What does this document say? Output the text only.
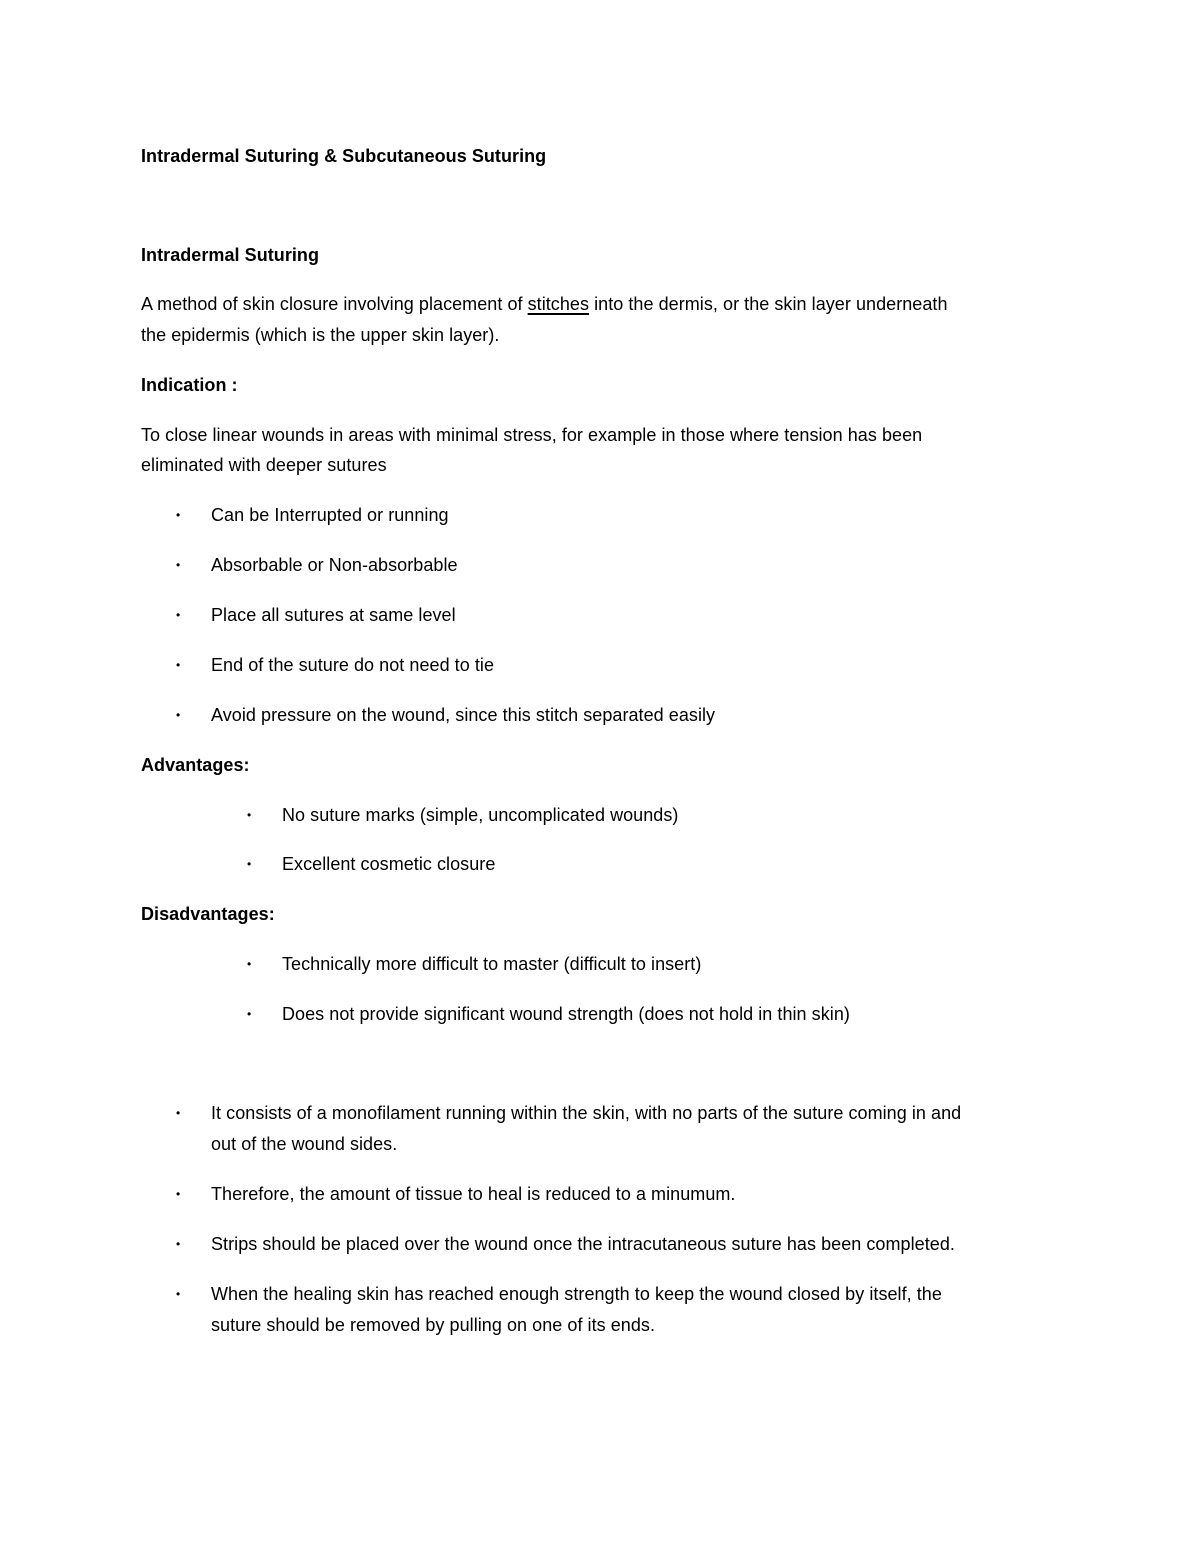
Intradermal Suturing & Subcutaneous Suturing
Intradermal Suturing
A method of skin closure involving placement of stitches into the dermis, or the skin layer underneath
the epidermis (which is the upper skin layer).
Indication :
To close linear wounds in areas with minimal stress, for example in those where tension has been
eliminated with deeper sutures
• Can be Interrupted or running
• Absorbable or Non-absorbable
• Place all sutures at same level
• End of the suture do not need to tie
• Avoid pressure on the wound, since this stitch separated easily
Advantages:
• No suture marks (simple, uncomplicated wounds)
• Excellent cosmetic closure
Disadvantages:
• Technically more difficult to master (difficult to insert)
• Does not provide significant wound strength (does not hold in thin skin)
• It consists of a monofilament running within the skin, with no parts of the suture coming in and
out of the wound sides.
• Therefore, the amount of tissue to heal is reduced to a minumum.
• Strips should be placed over the wound once the intracutaneous suture has been completed.
• When the healing skin has reached enough strength to keep the wound closed by itself, the
suture should be removed by pulling on one of its ends.
